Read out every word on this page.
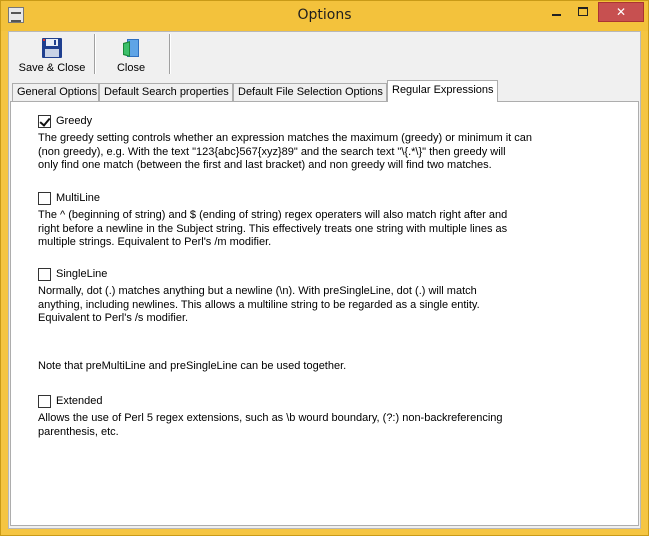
Options	✕
Save & Close	Close
General Options Default Search properties Default File Selection Options Regular Expressions
Greedy
The greedy setting controls whether an expression matches the maximum (greedy) or minimum it can
(non greedy), e.g. With the text "123{abc}567{xyz}89" and the search text "\{.*\}" then greedy will
only find one match (between the first and last bracket) and non greedy will find two matches.
MultiLine
The ^ (beginning of string) and $ (ending of string) regex operaters will also match right after and
right before a newline in the Subject string. This effectively treats one string with multiple lines as
multiple strings. Equivalent to Perl's /m modifier.
SingleLine
Normally, dot (.) matches anything but a newline (\n). With preSingleLine, dot (.) will match
anything, including newlines. This allows a multiline string to be regarded as a single entity.
Equivalent to Perl's /s modifier.
Note that preMultiLine and preSingleLine can be used together.
Extended
Allows the use of Perl 5 regex extensions, such as \b wourd boundary, (?:) non-backreferencing
parenthesis, etc.
